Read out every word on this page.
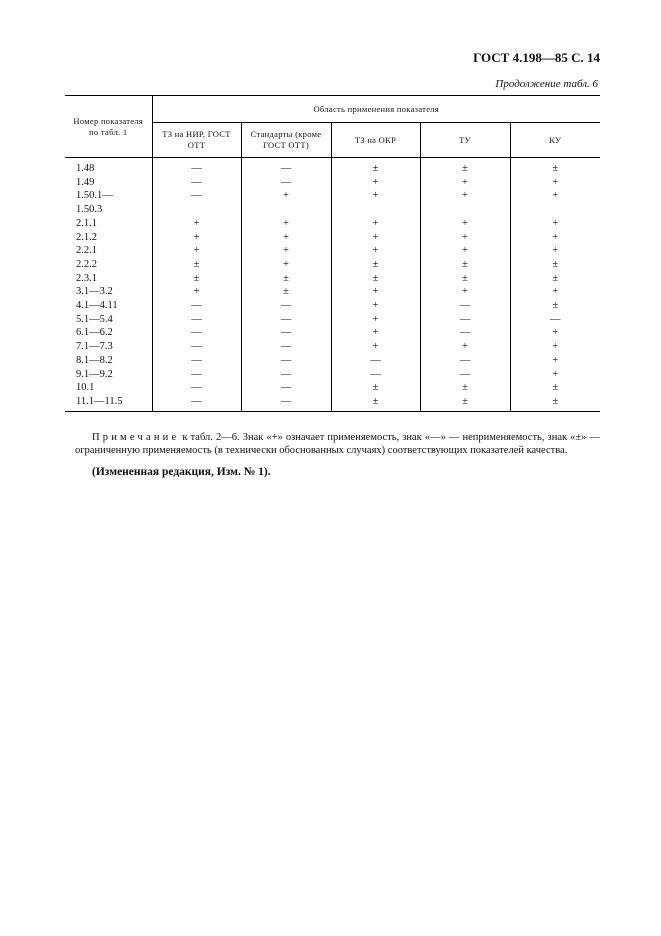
ГОСТ 4.198—85 С. 14
Продолжение табл. 6
Номер показателя по табл. 1	Область применения показателя				
	ТЗ на НИР, ГОСТ ОТТ	Стандарты (кроме ГОСТ ОТТ)	ТЗ на ОКР	ТУ	КУ
1.48	—	—	±	±	±
1.49	—	—	+	+	+
1.50.1—	—	+	+	+	+
1.50.3					
2.1.1	+	+	+	+	+
2.1.2	+	+	+	+	+
2.2.1	+	+	+	+	+
2.2.2	±	+	±	±	±
2.3.1	±	±	±	±	±
3.1—3.2	+	±	+	+	+
4.1—4.11	—	—	+	—	±
5.1—5.4	—	—	+	—	—
6.1—6.2	—	—	+	—	+
7.1—7.3	—	—	+	+	+
8.1—8.2	—	—	—	—	+
9.1—9.2	—	—	—	—	+
10.1	—	—	±	±	±
11.1—11.5	—	—	±	±	±

Примечание к табл. 2—6. Знак «+» означает применяемость, знак «—» — неприменяемость, знак «±» — ограниченную применяемость (в технически обоснованных случаях) соответствующих показателей качества.

(Измененная редакция, Изм. № 1).
